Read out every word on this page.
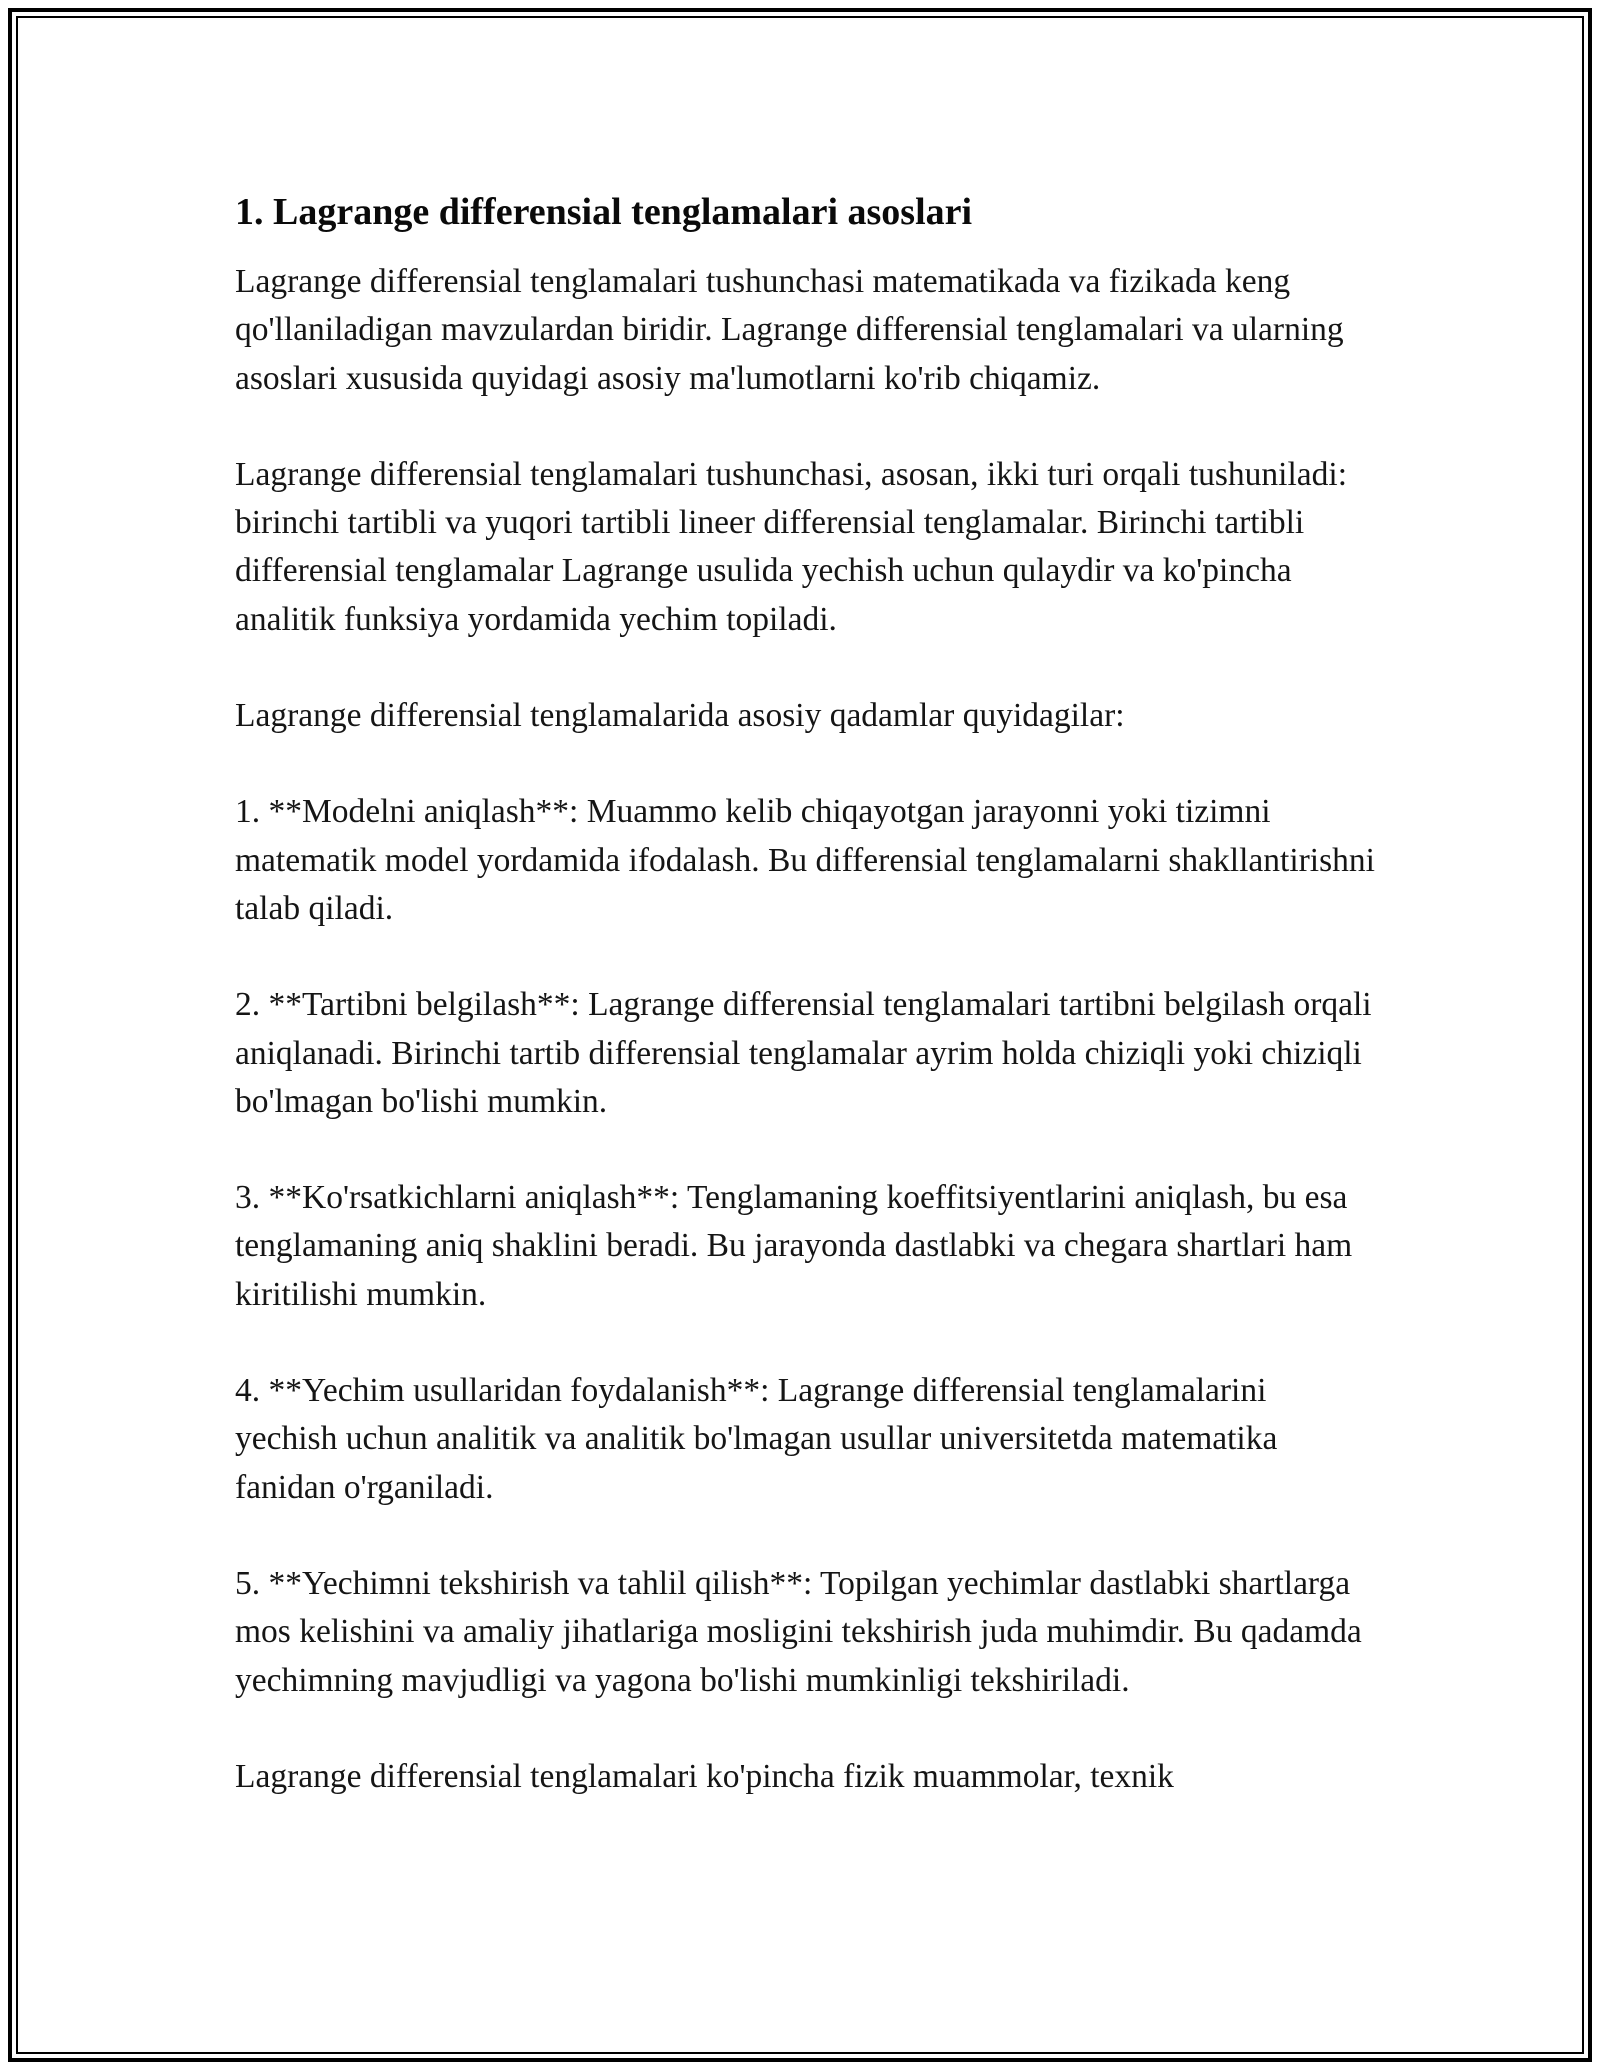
1. Lagrange differensial tenglamalari asoslari

Lagrange differensial tenglamalari tushunchasi matematikada va fizikada keng qo'llaniladigan mavzulardan biridir. Lagrange differensial tenglamalari va ularning asoslari xususida quyidagi asosiy ma'lumotlarni ko'rib chiqamiz.

Lagrange differensial tenglamalari tushunchasi, asosan, ikki turi orqali tushuniladi: birinchi tartibli va yuqori tartibli lineer differensial tenglamalar. Birinchi tartibli differensial tenglamalar Lagrange usulida yechish uchun qulaydir va ko'pincha analitik funksiya yordamida yechim topiladi.

Lagrange differensial tenglamalarida asosiy qadamlar quyidagilar:

1. **Modelni aniqlash**: Muammo kelib chiqayotgan jarayonni yoki tizimni matematik model yordamida ifodalash. Bu differensial tenglamalarni shakllantirishni talab qiladi.

2. **Tartibni belgilash**: Lagrange differensial tenglamalari tartibni belgilash orqali aniqlanadi. Birinchi tartib differensial tenglamalar ayrim holda chiziqli yoki chiziqli bo'lmagan bo'lishi mumkin.

3. **Ko'rsatkichlarni aniqlash**: Tenglamaning koeffitsiyentlarini aniqlash, bu esa tenglamaning aniq shaklini beradi. Bu jarayonda dastlabki va chegara shartlari ham kiritilishi mumkin.

4. **Yechim usullaridan foydalanish**: Lagrange differensial tenglamalarini yechish uchun analitik va analitik bo'lmagan usullar universitetda matematika fanidan o'rganiladi.

5. **Yechimni tekshirish va tahlil qilish**: Topilgan yechimlar dastlabki shartlarga mos kelishini va amaliy jihatlariga mosligini tekshirish juda muhimdir. Bu qadamda yechimning mavjudligi va yagona bo'lishi mumkinligi tekshiriladi.

Lagrange differensial tenglamalari ko'pincha fizik muammolar, texnik
